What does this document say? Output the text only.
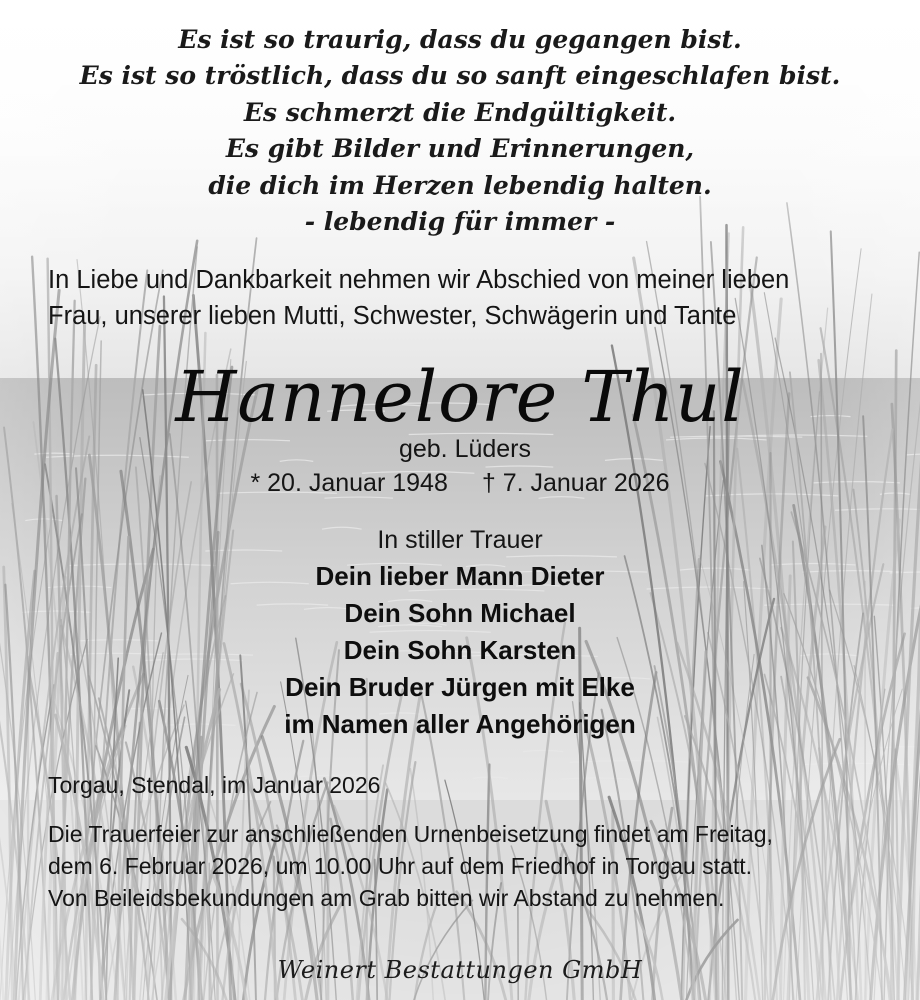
Es ist so traurig, dass du gegangen bist.
Es ist so tröstlich, dass du so sanft eingeschlafen bist.
Es schmerzt die Endgültigkeit.
Es gibt Bilder und Erinnerungen,
die dich im Herzen lebendig halten.
- lebendig für immer -
In Liebe und Dankbarkeit nehmen wir Abschied von meiner lieben
Frau, unserer lieben Mutti, Schwester, Schwägerin und Tante
Hannelore Thul
geb. Lüders
* 20. Januar 1948 † 7. Januar 2026
In stiller Trauer
Dein lieber Mann Dieter
Dein Sohn Michael
Dein Sohn Karsten
Dein Bruder Jürgen mit Elke
im Namen aller Angehörigen
Torgau, Stendal, im Januar 2026
Die Trauerfeier zur anschließenden Urnenbeisetzung findet am Freitag,
dem 6. Februar 2026, um 10.00 Uhr auf dem Friedhof in Torgau statt.
Von Beileidsbekundungen am Grab bitten wir Abstand zu nehmen.
Weinert Bestattungen GmbH
